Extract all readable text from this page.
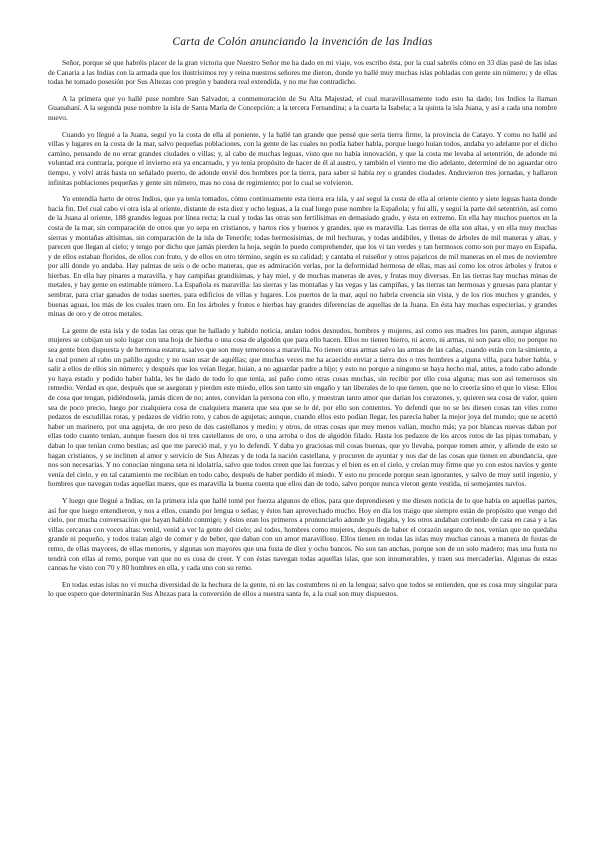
Carta de Colón anunciando la invención de las Indias

Señor, porque sé que habréis placer de la gran victoria que Nuestro Señor me ha dado en mi viaje, vos escribo ésta, por la cual sabréis cómo en 33 días pasé de las islas de Canaria a las Indias con la armada que los ilustrísimos rey y reina nuestros señores me dieron, donde yo hallé muy muchas islas pobladas con gente sin número; y de ellas todas he tomado posesión por Sus Altezas con pregón y bandera real extendida, y no me fue contradicho.

A la primera que yo hallé puse nombre San Salvador, a conmemoración de Su Alta Majestad, el cual maravillosamente todo esto ha dado; los Indios la llaman Guanahaní. A la segunda puse nombre la isla de Santa María de Concepción; a la tercera Fernandina; a la cuarta la Isabela; a la quinta la isla Juana, y así a cada una nombre nuevo.

Cuando yo llegué a la Juana, seguí yo la costa de ella al poniente, y la hallé tan grande que pensé que sería tierra firme, la provincia de Catayo. Y como no hallé así villas y lugares en la costa de la mar, salvo pequeñas poblaciones, con la gente de las cuales no podía haber habla, porque luego huían todos, andaba yo adelante por el dicho camino, pensando de no errar grandes ciudades o villas; y, al cabo de muchas leguas, visto que no había innovación, y que la costa me levaba al setentrión, de adonde mi voluntad era contraria, porque el invierno era ya encarnado, y yo tenía propósito de hacer de él al austro, y también el viento me dio adelante, determiné de no aguardar otro tiempo, y volví atrás hasta un señalado puerto, de adonde envié dos hombres por la tierra, para saber si había rey o grandes ciudades. Anduvieron tres jornadas, y hallaron infinitas poblaciones pequeñas y gente sin número, mas no cosa de regimiento; por lo cual se volvieron.

Yo entendía harto de otros Indios, que ya tenía tomados, cómo continuamente esta tierra era isla, y así seguí la costa de ella al oriente ciento y siete leguas hasta donde hacía fin. Del cual cabo vi otra isla al oriente, distante de esta diez y ocho leguas, a la cual luego puse nombre la Española; y fui allí, y seguí la parte del setentrión, así como de la Juana al oriente, 188 grandes leguas por línea recta; la cual y todas las otras son fertilísimas en demasiado grado, y ésta en extremo. En ella hay muchos puertos en la costa de la mar, sin comparación de otros que yo sepa en cristianos, y hartos ríos y buenos y grandes, que es maravilla. Las tierras de ella son altas, y en ella muy muchas sierras y montañas altísimas, sin comparación de la isla de Tenerife; todas hermosísimas, de mil hechuras, y todas andábiles, y llenas de árboles de mil maneras y altas, y parecen que llegan al cielo; y tengo por dicho que jamás pierden la hoja, según lo puedo comprehender, que los vi tan verdes y tan hermosos como son por mayo en España, y de ellos estaban floridos, de ellos con fruto, y de ellos en otro término, según es su calidad; y cantaba el ruiseñor y otros pajaricos de mil maneras en el mes de noviembre por allí donde yo andaba. Hay palmas de seis o de ocho maneras, que es admiración verlas, por la deformidad hermosa de ellas, mas así como los otros árboles y frutos e hierbas. En ella hay pinares a maravilla, y hay campiñas grandísimas, y hay miel, y de muchas maneras de aves, y frutas muy diversas. En las tierras hay muchas minas de metales, y hay gente en estimable número. La Española es maravilla: las sierras y las montañas y las vegas y las campiñas, y las tierras tan hermosas y gruesas para plantar y sembrar, para criar ganados de todas suertes, para edificios de villas y lugares. Los puertos de la mar, aquí no habría creencia sin vista, y de los ríos muchos y grandes, y buenas aguas, los más de los cuales traen oro. En los árboles y frutos e hierbas hay grandes diferencias de aquellas de la Juana. En ésta hay muchas especierías, y grandes minas de oro y de otros metales.

La gente de esta isla y de todas las otras que he hallado y habido noticia, andan todos desnudos, hombres y mujeres, así como sus madres los paren, aunque algunas mujeres se cobijan un solo lugar con una hoja de hierba o una cosa de algodón que para ello hacen. Ellos no tienen hierro, ni acero, ni armas, ni son para ello; no porque no sea gente bien dispuesta y de hermosa estatura, salvo que son muy temerosos a maravilla. No tienen otras armas salvo las armas de las cañas, cuando están con la simiente, a la cual ponen al cabo un palillo agudo; y no osan usar de aquéllas; que muchas veces me ha acaecido enviar a tierra dos o tres hombres a alguna villa, para haber habla, y salir a ellos de ellos sin número; y después que los veían llegar, huían, a no aguardar padre a hijo; y esto no porque a ninguno se haya hecho mal, antes, a todo cabo adonde yo haya estado y podido haber habla, les he dado de todo lo que tenía, así paño como otras cosas muchas, sin recibir por ello cosa alguna; mas son así temerosos sin remedio. Verdad es que, después que se aseguran y pierden este miedo, ellos son tanto sin engaño y tan liberales de lo que tienen, que no lo creería sino el que lo viese. Ellos de cosa que tengan, pidiéndosela, jamás dicen de no; antes, convidan la persona con ello, y muestran tanto amor que darían los corazones, y, quieren sea cosa de valor, quien sea de poco precio, luego por cualquiera cosa de cualquiera manera que sea que se le dé, por ello son contentos. Yo defendí que no se les diesen cosas tan viles como pedazos de escudillas rotas, y pedazos de vidrio roto, y cabos de agujetas; aunque, cuando ellos esto podían llegar, les parecía haber la mejor joya del mundo; que se acertó haber un marinero, por una agujeta, de oro peso de dos castellanos y medio; y otros, de otras cosas que muy menos valían, mucho más; ya por blancas nuevas daban por ellas todo cuanto tenían, aunque fuesen dos ni tres castellanos de oro, o una arroba o dos de algodón filado. Hasta los pedazos de los arcos rotos de las pipas tomaban, y daban lo que tenían como bestias; así que me pareció mal, y yo lo defendí. Y daba yo graciosas mil cosas buenas, que yo llevaba, porque tomen amor, y allende de esto se hagan cristianos, y se inclinen al amor y servicio de Sus Altezas y de toda la nación castellana, y procuren de ayuntar y nos dar de las cosas que tienen en abundancia, que nos son necesarias. Y no conocían ninguna seta ni idolatría, salvo que todos creen que las fuerzas y el bien es en el cielo, y creían muy firme que yo con estos navíos y gente venía del cielo, y en tal catamiento me recibían en todo cabo, después de haber perdido el miedo. Y esto no procede porque sean ignorantes, y salvo de muy sutil ingenio, y hombres que navegan todas aquellas mares, que es maravilla la buena cuenta que ellos dan de todo, salvo porque nunca vieron gente vestida, ni semejantes navíos.

Y luego que llegué a Indias, en la primera isla que hallé tomé por fuerza algunos de ellos, para que deprendiesen y me diesen noticia de lo que había en aquellas partes, así fue que luego entendieron, y nos a ellos, cuando por lengua o señas; y éstos han aprovechado mucho. Hoy en día los traigo que siempre están de propósito que vengo del cielo, por mucha conversación que hayan habido conmigo; y éstos eran los primeros a pronunciarlo adonde yo llegaba, y los otros andaban corriendo de casa en casa y a las villas cercanas con voces altas: venid, venid a ver la gente del cielo; así todos, hombres como mujeres, después de haber el corazón seguro de nos, venían que no quedaba grande ni pequeño, y todos traían algo de comer y de beber, que daban con un amor maravilloso. Ellos tienen en todas las islas muy muchas canoas a manera de fustas de remo, de ellas mayores, de ellas menores, y algunas son mayores que una fusta de diez y ocho bancos. No son tan anchas, porque son de un solo madero; mas una fusta no tendrá con ellas al remo, porque van que no es cosa de creer. Y con éstas navegan todas aquellas islas, que son innumerables, y traen sus mercaderías. Algunas de estas canoas he visto con 70 y 80 hombres en ella, y cada uno con su remo.

En todas estas islas no vi mucha diversidad de la hechura de la gente, ni en las costumbres ni en la lengua; salvo que todos se entienden, que es cosa muy singular para lo que espero que determinarán Sus Altezas para la conversión de ellos a nuestra santa fe, a la cual son muy dispuestos.
